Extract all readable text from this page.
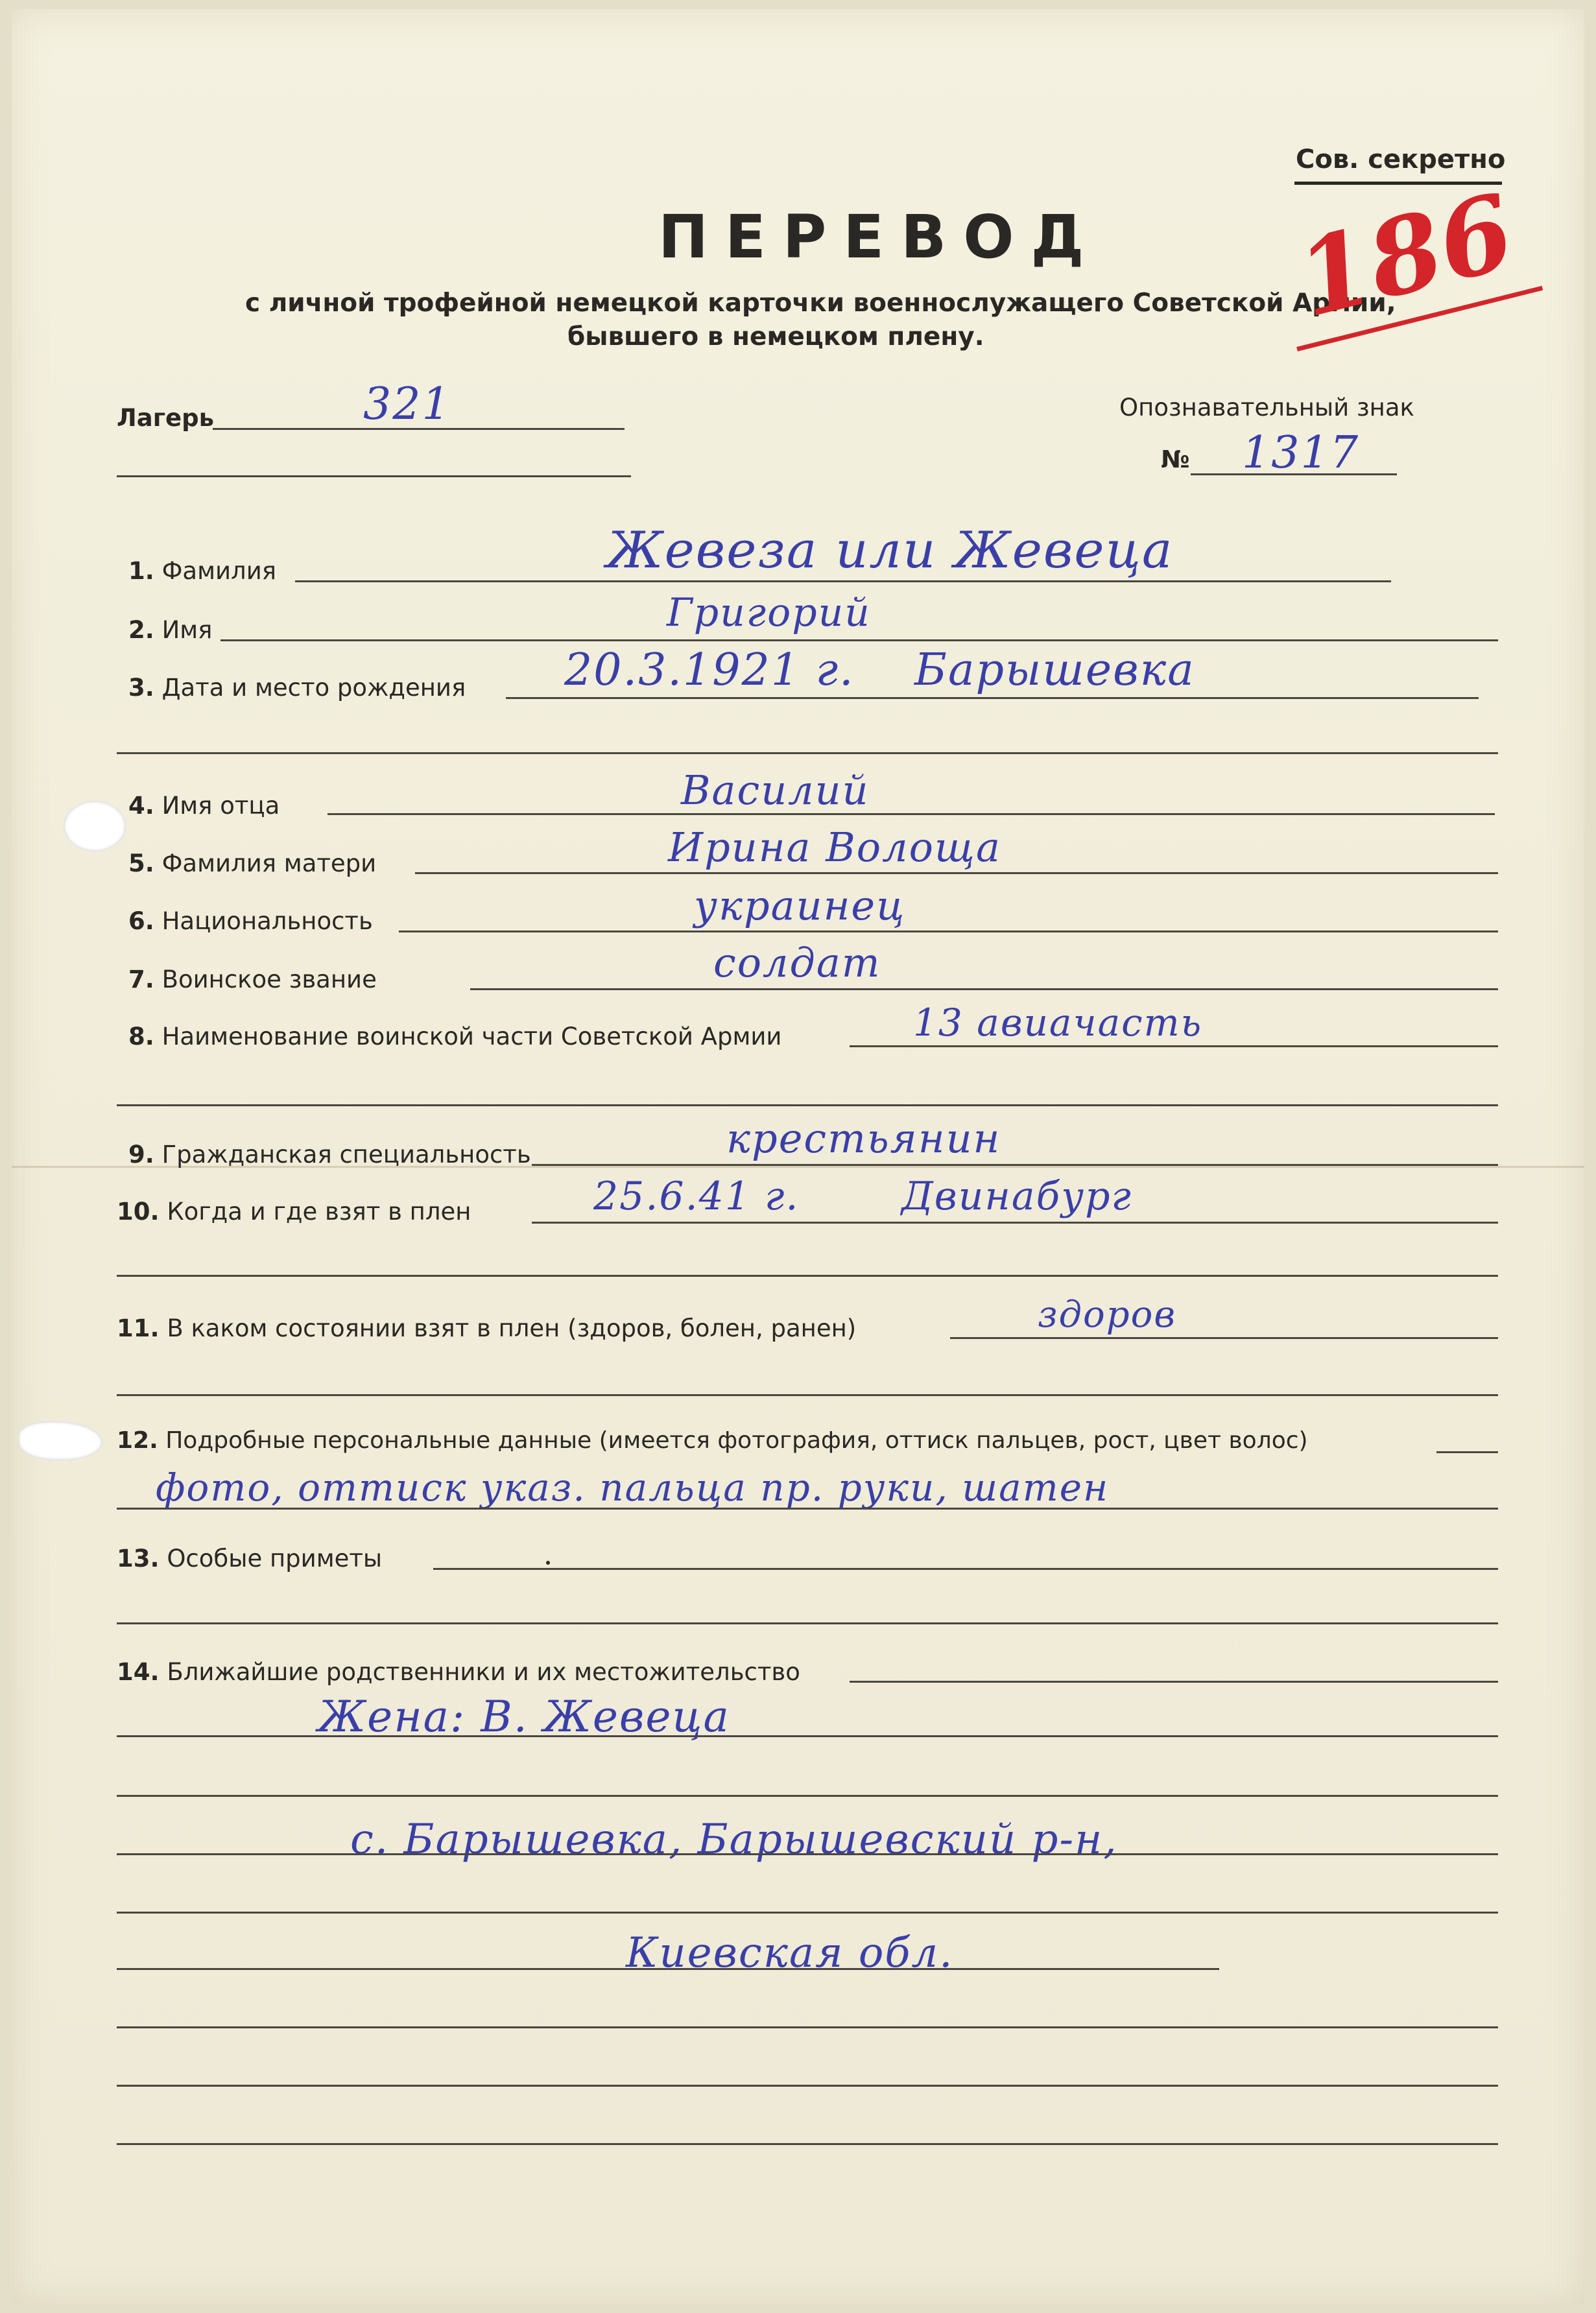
Сов. секретно
ПЕРЕВОД
с личной трофейной немецкой карточки военнослужащего Советской Армии,
бывшего в немецком плену.	186
Лагерь	321	Опознавательный знак
№ 1317
1. Фамилия	Жевеза или Жевеца
2. Имя	Григорий
3. Дата и место рождения 20.3.1921 г. Барышевка
4. Имя отца	Василий
5. Фамилия матери	Ирина Волоща
6. Национальность	украинец
7. Воинское звание	солдат
8. Наименование воинской части Советской Армии	13 авиачасть
9. Гражданская специальность	крестьянин
10. Когда и где взят в плен	25.6.41 г.	Двинабург
11. В каком состоянии взят в плен (здоров, болен, ранен)	здоров
12. Подробные персональные данные (имеется фотография, оттиск пальцев, рост, цвет волос)
фото, оттиск указ. пальца пр. руки, шатен
13. Особые приметы
14. Ближайшие родственники и их местожительство
Жена: В. Жевеца
с. Барышевка, Барышевский р-н,
Киевская обл.
